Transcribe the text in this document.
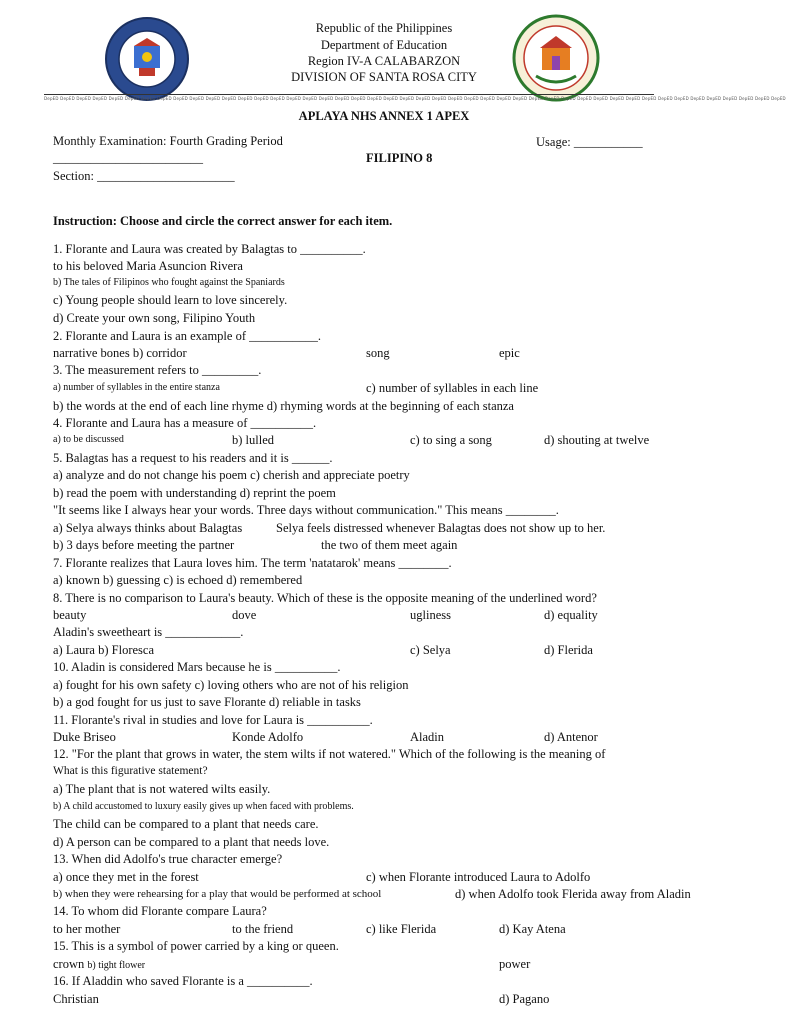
Republic of the Philippines
Department of Education
Region IV-A CALABARZON
DIVISION OF SANTA ROSA CITY
DepED DepED DepED DepED DepED DepED DepED DepED DepED DepED DepED DepED DepED DepED DepED DepED DepED DepED DepED DepED DepED DepED DepED DepED DepED DepED DepED DepED DepED DepED DepED DepED DepED DepED DepED DepED DepED DepED DepED DepED DepED DepED DepED DepED DepED DepED
APLAYA NHS ANNEX 1 APEX
Monthly Examination: Fourth Grading Period	Usage: ___________
________________________	FILIPINO 8
Section: ______________________
Instruction: Choose and circle the correct answer for each item.
1. Florante and Laura was created by Balagtas to __________.
to his beloved Maria Asuncion Rivera
b) The tales of Filipinos who fought against the Spaniards
c) Young people should learn to love sincerely.
d) Create your own song, Filipino Youth
2. Florante and Laura is an example of ___________.
narrative bones b) corridor	song	epic
3. The measurement refers to _________.
a) number of syllables in the entire stanza	c) number of syllables in each line
b) the words at the end of each line rhyme d) rhyming words at the beginning of each stanza
4. Florante and Laura has a measure of __________.
a) to be discussed	b) lulled	c) to sing a song	d) shouting at twelve
5. Balagtas has a request to his readers and it is ______.
a) analyze and do not change his poem c) cherish and appreciate poetry
b) read the poem with understanding d) reprint the poem
"It seems like I always hear your words. Three days without communication." This means ________.
a) Selya always thinks about Balagtas	Selya feels distressed whenever Balagtas does not show up to her.
b) 3 days before meeting the partner	the two of them meet again
7. Florante realizes that Laura loves him. The term 'natatarok' means ________.
a) known b) guessing c) is echoed d) remembered
8. There is no comparison to Laura's beauty. Which of these is the opposite meaning of the underlined word?
beauty	dove	ugliness	d) equality
Aladin's sweetheart is ____________.
a) Laura b) Floresca	c) Selya	d) Flerida
10. Aladin is considered Mars because he is __________.
a) fought for his own safety c) loving others who are not of his religion
b) a god fought for us just to save Florante d) reliable in tasks
11. Florante's rival in studies and love for Laura is __________.
Duke Briseo	Konde Adolfo	Aladin	d) Antenor
12. "For the plant that grows in water, the stem wilts if not watered." Which of the following is the meaning of
What is this figurative statement?
a) The plant that is not watered wilts easily.
b) A child accustomed to luxury easily gives up when faced with problems.
The child can be compared to a plant that needs care.
d) A person can be compared to a plant that needs love.
13. When did Adolfo's true character emerge?
a) once they met in the forest	c) when Florante introduced Laura to Adolfo
b) when they were rehearsing for a play that would be performed at school	d) when Adolfo took Flerida away from Aladin
14. To whom did Florante compare Laura?
to her mother	to the friend	c) like Flerida	d) Kay Atena
15. This is a symbol of power carried by a king or queen.
crown b) tight flower	power
16. If Aladdin who saved Florante is a __________.
Christian	d) Pagano
